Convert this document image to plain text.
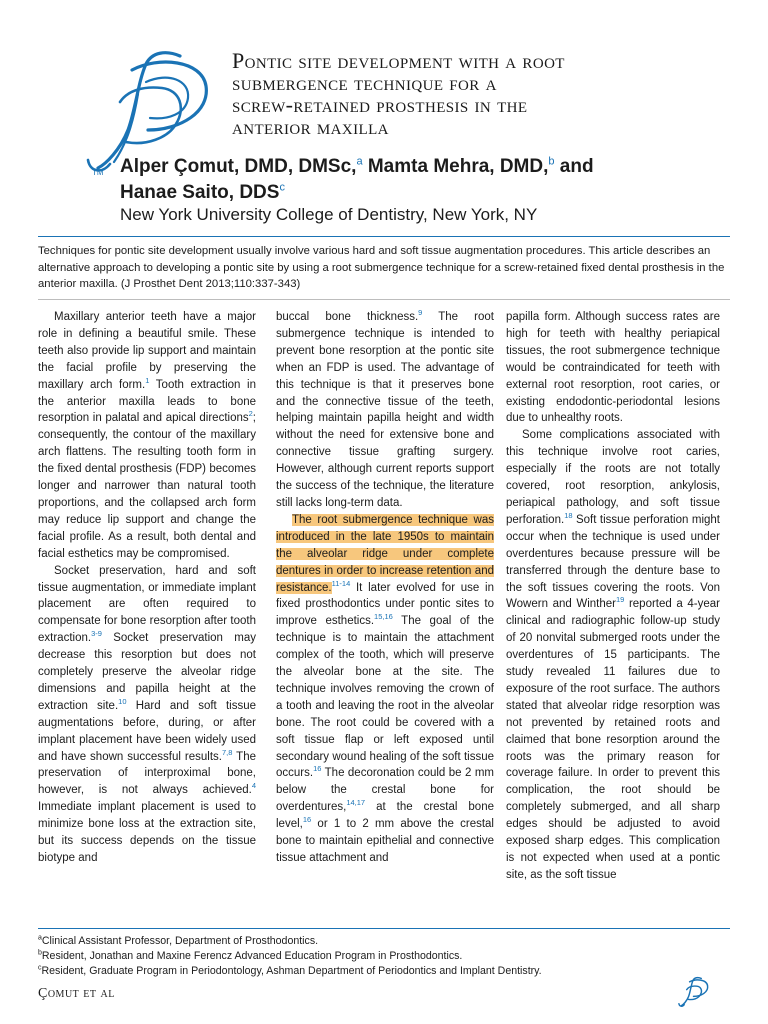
TM
Pontic site development with a root
submergence technique for a
screw-retained prosthesis in the
anterior maxilla
Alper Çomut, DMD, DMSc,$^a$ Mamta Mehra, DMD,$^b$ and
Hanae Saito, DDS$^c$
New York University College of Dentistry, New York, NY
Techniques for pontic site development usually involve various hard and soft tissue augmentation procedures. This article describes an alternative approach to developing a pontic site by using a root submergence technique for a screw-retained fixed dental prosthesis in the anterior maxilla. (J Prosthet Dent 2013;110:337-343)

Maxillary anterior teeth have a major role in defining a beautiful smile. These teeth also provide lip support and maintain the facial profile by preserving the maxillary arch form.$^1$ Tooth extraction in the anterior maxilla leads to bone resorption in palatal and apical directions$^2$; consequently, the contour of the maxillary arch flattens. The resulting tooth form in the fixed dental prosthesis (FDP) becomes longer and narrower than natural tooth proportions, and the collapsed arch form may reduce lip support and change the facial profile. As a result, both dental and facial esthetics may be compromised.

Socket preservation, hard and soft tissue augmentation, or immediate implant placement are often required to compensate for bone resorption after tooth extraction.$^{3-9}$ Socket preservation may decrease this resorption but does not completely preserve the alveolar ridge dimensions and papilla height at the extraction site.$^{10}$ Hard and soft tissue augmentations before, during, or after implant placement have been widely used and have shown successful results.$^{7,8}$ The preservation of interproximal bone, however, is not always achieved.$^4$ Immediate implant placement is used to minimize bone loss at the extraction site, but its success depends on the tissue biotype and

buccal bone thickness.$^9$ The root submergence technique is intended to prevent bone resorption at the pontic site when an FDP is used. The advantage of this technique is that it preserves bone and the connective tissue of the teeth, helping maintain papilla height and width without the need for extensive bone and connective tissue grafting surgery. However, although current reports support the success of the technique, the literature still lacks long-term data.

The root submergence technique was introduced in the late 1950s to maintain the alveolar ridge under complete dentures in order to increase retention and resistance.$^{11-14}$ It later evolved for use in fixed prosthodontics under pontic sites to improve esthetics.$^{15,16}$ The goal of the technique is to maintain the attachment complex of the tooth, which will preserve the alveolar bone at the site. The technique involves removing the crown of a tooth and leaving the root in the alveolar bone. The root could be covered with a soft tissue flap or left exposed until secondary wound healing of the soft tissue occurs.$^{16}$ The decoronation could be 2 mm below the crestal bone for overdentures,$^{14,17}$ at the crestal bone level,$^{16}$ or 1 to 2 mm above the crestal bone to maintain epithelial and connective tissue attachment and

papilla form. Although success rates are high for teeth with healthy periapical tissues, the root submergence technique would be contraindicated for teeth with external root resorption, root caries, or existing endodontic-periodontal lesions due to unhealthy roots.

Some complications associated with this technique involve root caries, especially if the roots are not totally covered, root resorption, ankylosis, periapical pathology, and soft tissue perforation.$^{18}$ Soft tissue perforation might occur when the technique is used under overdentures because pressure will be transferred through the denture base to the soft tissues covering the roots. Von Wowern and Winther$^{19}$ reported a 4-year clinical and radiographic follow-up study of 20 nonvital submerged roots under the overdentures of 15 participants. The study revealed 11 failures due to exposure of the root surface. The authors stated that alveolar ridge resorption was not prevented by retained roots and claimed that bone resorption around the roots was the primary reason for coverage failure. In order to prevent this complication, the root should be completely submerged, and all sharp edges should be adjusted to avoid exposed sharp edges. This complication is not expected when used at a pontic site, as the soft tissue

$^a$Clinical Assistant Professor, Department of Prosthodontics.
$^b$Resident, Jonathan and Maxine Ferencz Advanced Education Program in Prosthodontics.
$^c$Resident, Graduate Program in Periodontology, Ashman Department of Periodontics and Implant Dentistry.
Çomut et al
